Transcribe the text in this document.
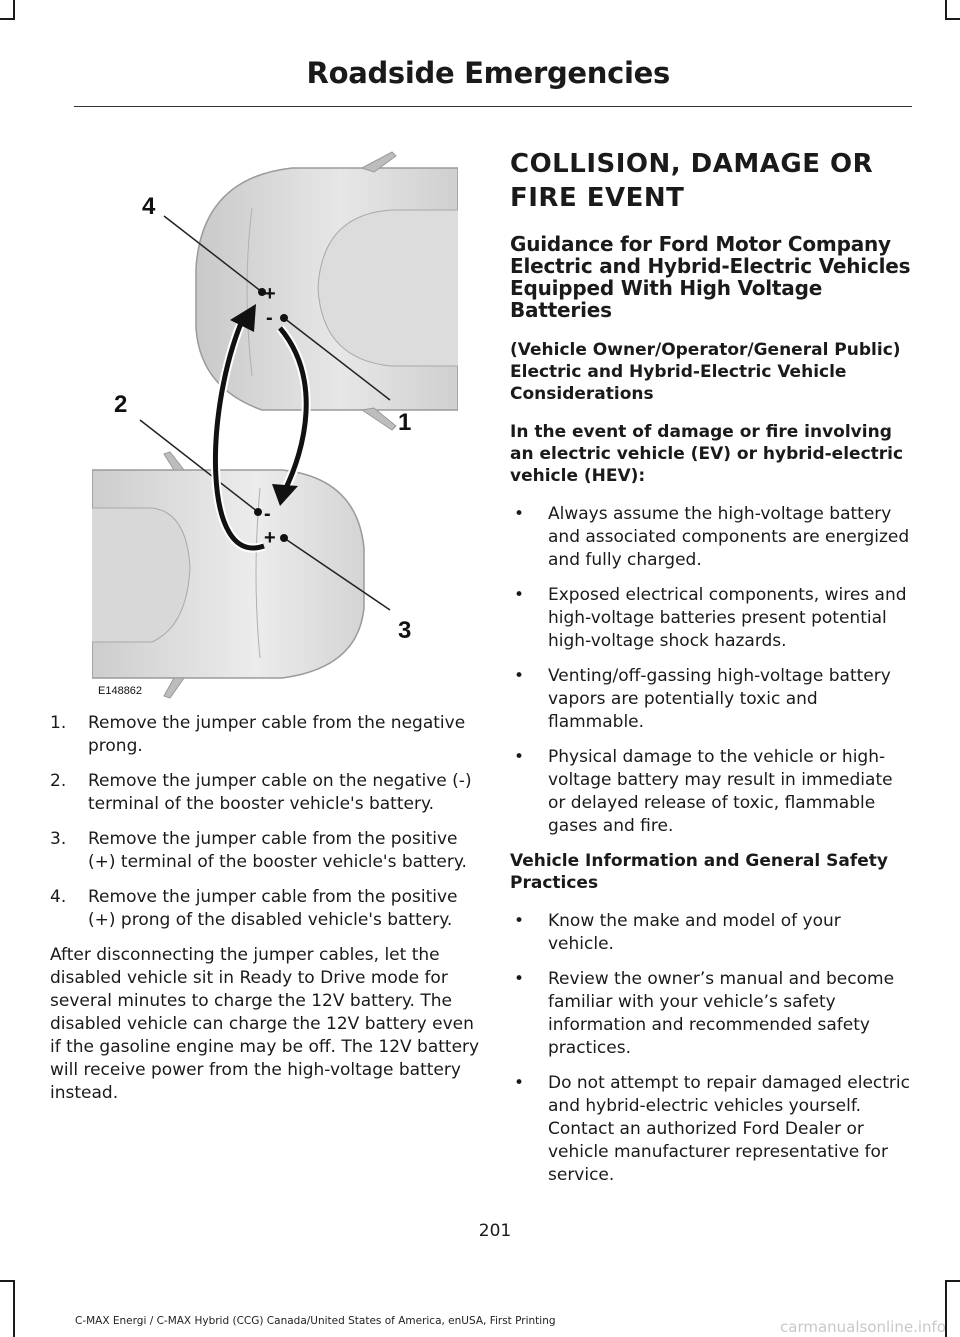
Roadside Emergencies
+
-
-
+
4
1
2
3
E148862
1. Remove the jumper cable from the negative prong.
2. Remove the jumper cable on the negative (-) terminal of the booster vehicle's battery.
3. Remove the jumper cable from the positive (+) terminal of the booster vehicle's battery.
4. Remove the jumper cable from the positive (+) prong of the disabled vehicle's battery.

After disconnecting the jumper cables, let the disabled vehicle sit in Ready to Drive mode for several minutes to charge the 12V battery. The disabled vehicle can charge the 12V battery even if the gasoline engine may be off. The 12V battery will receive power from the high-voltage battery instead.

COLLISION, DAMAGE OR FIRE EVENT
Guidance for Ford Motor Company Electric and Hybrid-Electric Vehicles Equipped With High Voltage Batteries
(Vehicle Owner/Operator/General Public)
Electric and Hybrid-Electric Vehicle Considerations
In the event of damage or fire involving an electric vehicle (EV) or hybrid-electric vehicle (HEV):
• Always assume the high-voltage battery and associated components are energized and fully charged.
• Exposed electrical components, wires and high-voltage batteries present potential high-voltage shock hazards.
• Venting/off-gassing high-voltage battery vapors are potentially toxic and flammable.
• Physical damage to the vehicle or high-voltage battery may result in immediate or delayed release of toxic, flammable gases and fire.
Vehicle Information and General Safety Practices
• Know the make and model of your vehicle.
• Review the owner’s manual and become familiar with your vehicle’s safety information and recommended safety practices.
• Do not attempt to repair damaged electric and hybrid-electric vehicles yourself. Contact an authorized Ford Dealer or vehicle manufacturer representative for service.
201
C-MAX Energi / C-MAX Hybrid (CCG) Canada/United States of America, enUSA, First Printing	carmanualsonline.info
